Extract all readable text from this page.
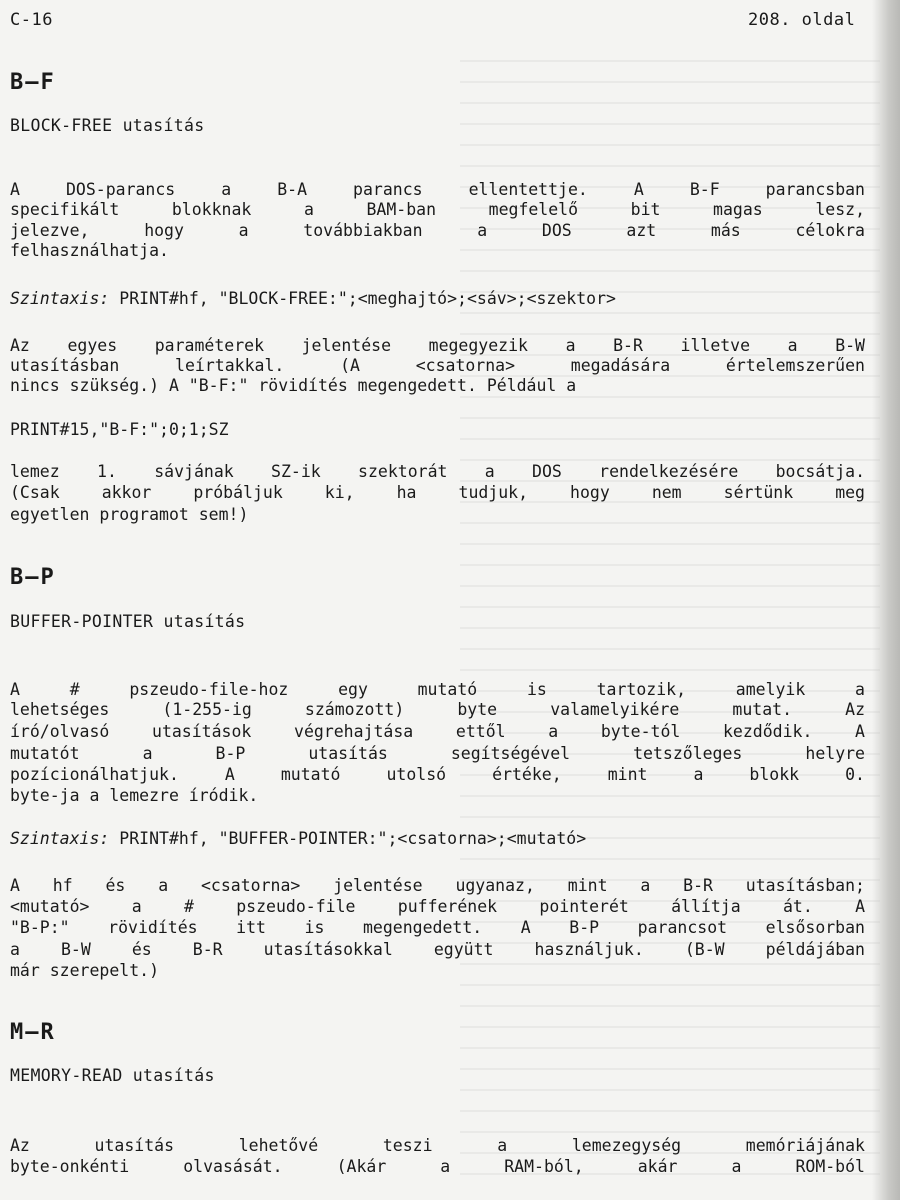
C-16	208. oldal
B—F
BLOCK-FREE utasítás
A DOS-parancs a B-A parancs ellentettje. A B-F parancsban
specifikált blokknak a BAM-ban megfelelő bit magas lesz,
jelezve, hogy a továbbiakban a DOS azt más célokra
felhasználhatja.
Szintaxis: PRINT#hf, "BLOCK-FREE:";<meghajtó>;<sáv>;<szektor>
Az egyes paraméterek jelentése megegyezik a B-R illetve a B-W
utasításban leírtakkal. (A <csatorna> megadására értelemszerűen
nincs szükség.) A "B-F:" rövidítés megengedett. Például a
PRINT#15,"B-F:";0;1;SZ
lemez 1. sávjának SZ-ik szektorát a DOS rendelkezésére bocsátja.
(Csak akkor próbáljuk ki, ha tudjuk, hogy nem sértünk meg
egyetlen programot sem!)
B—P
BUFFER-POINTER utasítás
A # pszeudo-file-hoz egy mutató is tartozik, amelyik a
lehetséges (1-255-ig számozott) byte valamelyikére mutat. Az
író/olvasó utasítások végrehajtása ettől a byte-tól kezdődik. A
mutatót a B-P utasítás segítségével tetszőleges helyre
pozícionálhatjuk. A mutató utolsó értéke, mint a blokk 0.
byte-ja a lemezre íródik.
Szintaxis: PRINT#hf, "BUFFER-POINTER:";<csatorna>;<mutató>
A hf és a <csatorna> jelentése ugyanaz, mint a B-R utasításban;
<mutató> a # pszeudo-file pufferének pointerét állítja át. A
"B-P:" rövidítés itt is megengedett. A B-P parancsot elsősorban
a B-W és B-R utasításokkal együtt használjuk. (B-W példájában
már szerepelt.)
M—R
MEMORY-READ utasítás
Az utasítás lehetővé teszi a lemezegység memóriájának
byte-onkénti olvasását. (Akár a RAM-ból, akár a ROM-ból
